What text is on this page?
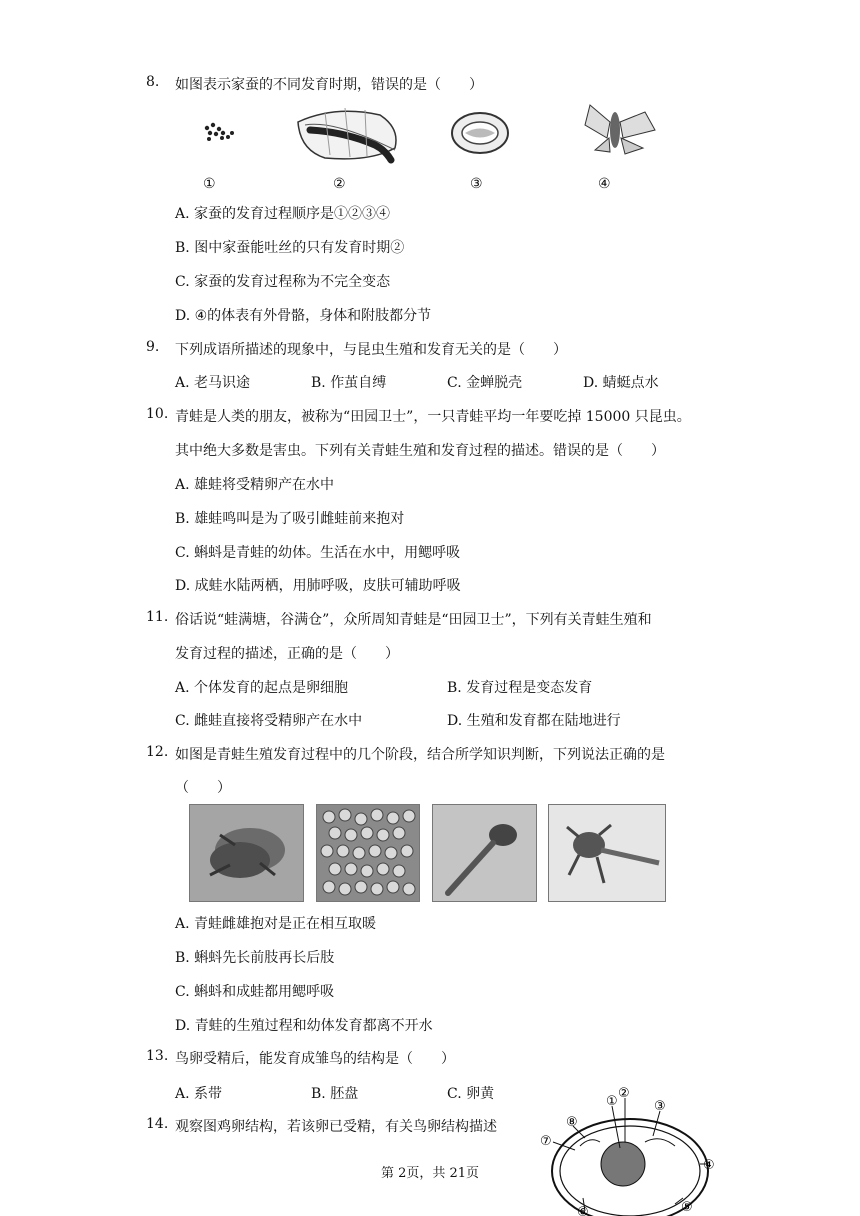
8. 如图表示家蚕的不同发育时期，错误的是（　　）
①	②	③	④
A. 家蚕的发育过程顺序是①②③④
B. 图中家蚕能吐丝的只有发育时期②
C. 家蚕的发育过程称为不完全变态
D. ④的体表有外骨骼，身体和附肢都分节
9. 下列成语所描述的现象中，与昆虫生殖和发育无关的是（　　）
A. 老马识途	B. 作茧自缚	C. 金蝉脱壳	D. 蜻蜓点水
10. 青蛙是人类的朋友，被称为“田园卫士”，一只青蛙平均一年要吃掉 15000 只昆虫。
其中绝大多数是害虫。下列有关青蛙生殖和发育过程的描述。错误的是（　　）
A. 雄蛙将受精卵产在水中
B. 雄蛙鸣叫是为了吸引雌蛙前来抱对
C. 蝌蚪是青蛙的幼体。生活在水中，用鳃呼吸
D. 成蛙水陆两栖，用肺呼吸，皮肤可辅助呼吸
11. 俗话说“蛙满塘，谷满仓”，众所周知青蛙是“田园卫士”，下列有关青蛙生殖和
发育过程的描述，正确的是（　　）
A. 个体发育的起点是卵细胞	B. 发育过程是变态发育
C. 雌蛙直接将受精卵产在水中	D. 生殖和发育都在陆地进行
12. 如图是青蛙生殖发育过程中的几个阶段，结合所学知识判断，下列说法正确的是
（　　）
A. 青蛙雌雄抱对是正在相互取暖
B. 蝌蚪先长前肢再长后肢
C. 蝌蚪和成蛙都用鳃呼吸
D. 青蛙的生殖过程和幼体发育都离不开水
13. 鸟卵受精后，能发育成雏鸟的结构是（　　）
A. 系带	B. 胚盘	C. 卵黄
14. 观察图鸡卵结构，若该卵已受精，有关鸟卵结构描述
①
②
③
④
⑤
⑥
⑦
⑧
第 2页，共 21页
